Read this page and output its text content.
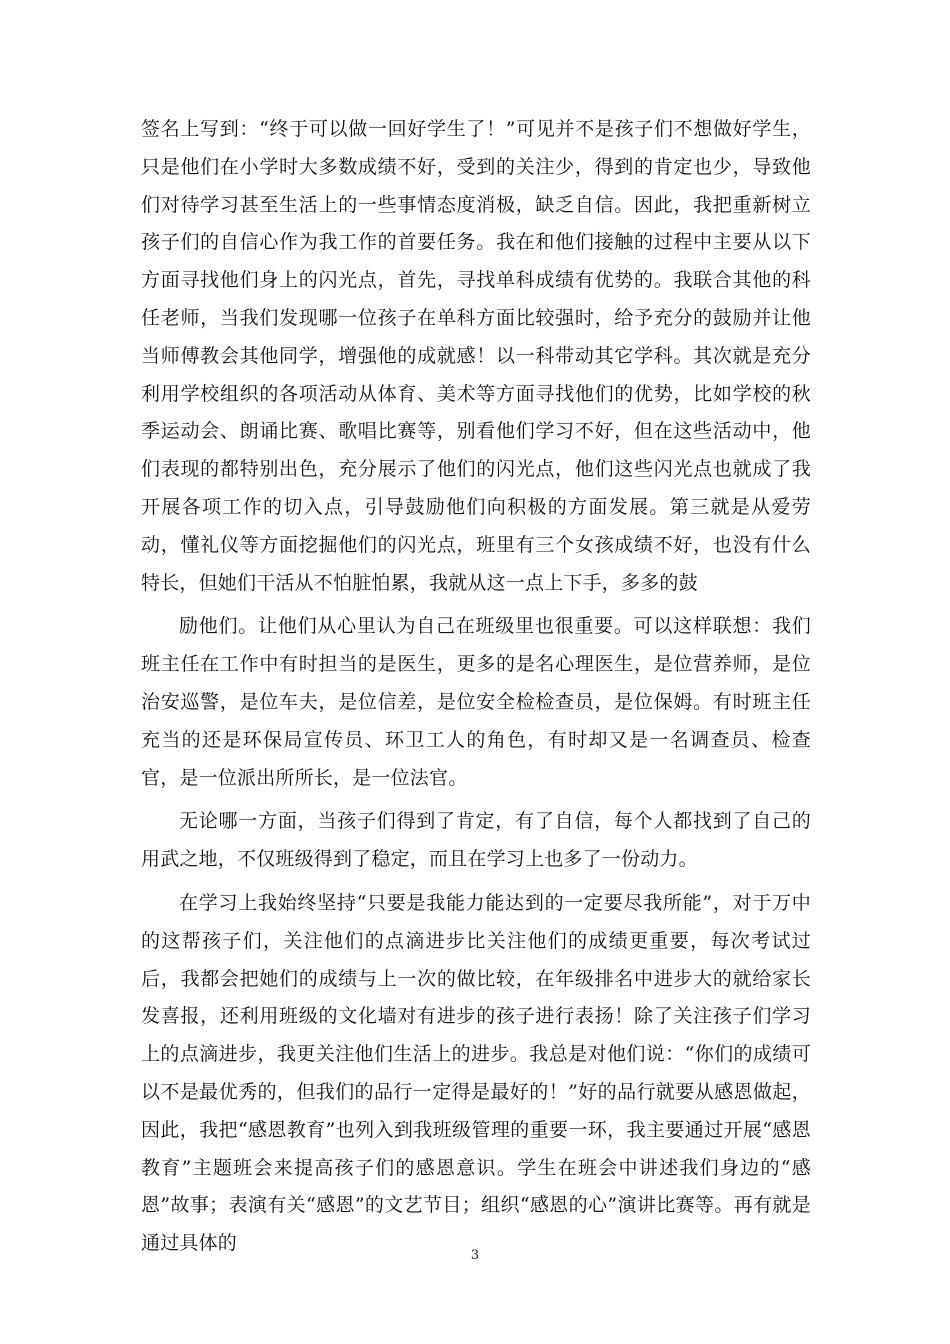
签名上写到：“终于可以做一回好学生了！”可见并不是孩子们不想做好学生，只是他们在小学时大多数成绩不好，受到的关注少，得到的肯定也少，导致他们对待学习甚至生活上的一些事情态度消极，缺乏自信。因此，我把重新树立孩子们的自信心作为我工作的首要任务。我在和他们接触的过程中主要从以下方面寻找他们身上的闪光点，首先，寻找单科成绩有优势的。我联合其他的科任老师，当我们发现哪一位孩子在单科方面比较强时，给予充分的鼓励并让他当师傅教会其他同学，增强他的成就感！以一科带动其它学科。其次就是充分利用学校组织的各项活动从体育、美术等方面寻找他们的优势，比如学校的秋季运动会、朗诵比赛、歌唱比赛等，别看他们学习不好，但在这些活动中，他们表现的都特别出色，充分展示了他们的闪光点，他们这些闪光点也就成了我开展各项工作的切入点，引导鼓励他们向积极的方面发展。第三就是从爱劳动，懂礼仪等方面挖掘他们的闪光点，班里有三个女孩成绩不好，也没有什么特长，但她们干活从不怕脏怕累，我就从这一点上下手，多多的鼓

励他们。让他们从心里认为自己在班级里也很重要。可以这样联想：我们班主任在工作中有时担当的是医生，更多的是名心理医生，是位营养师，是位治安巡警，是位车夫，是位信差，是位安全检检查员，是位保姆。有时班主任充当的还是环保局宣传员、环卫工人的角色，有时却又是一名调查员、检查官，是一位派出所所长，是一位法官。

无论哪一方面，当孩子们得到了肯定，有了自信，每个人都找到了自己的用武之地，不仅班级得到了稳定，而且在学习上也多了一份动力。

在学习上我始终坚持“只要是我能力能达到的一定要尽我所能”，对于万中的这帮孩子们，关注他们的点滴进步比关注他们的成绩更重要，每次考试过后，我都会把她们的成绩与上一次的做比较，在年级排名中进步大的就给家长发喜报，还利用班级的文化墙对有进步的孩子进行表扬！除了关注孩子们学习上的点滴进步，我更关注他们生活上的进步。我总是对他们说：“你们的成绩可以不是最优秀的，但我们的品行一定得是最好的！”好的品行就要从感恩做起，因此，我把“感恩教育”也列入到我班级管理的重要一环，我主要通过开展“感恩教育”主题班会来提高孩子们的感恩意识。学生在班会中讲述我们身边的“感恩”故事；表演有关“感恩”的文艺节目；组织“感恩的心”演讲比赛等。再有就是通过具体的

3
